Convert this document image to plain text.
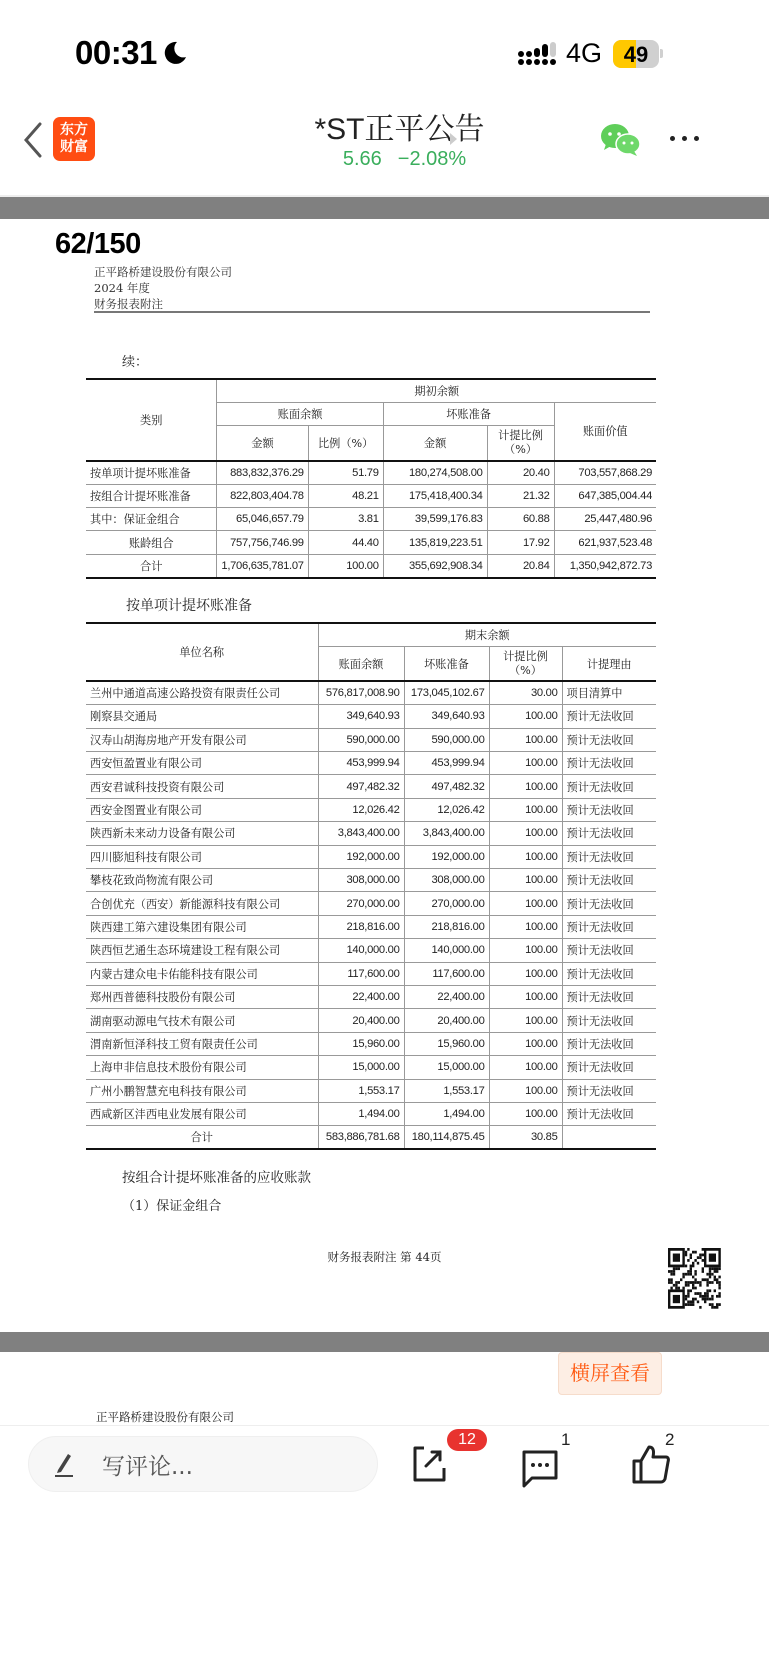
00:31	4G 49
东方
财富	*ST正平公告
5.66 −2.08%
62/150
正平路桥建设股份有限公司
2024 年度
财务报表附注
续：
类别	期初余额				
	账面余额		坏账准备		账面价值
	金额	比例（%）	金额	计提比例
（%）	

按单项计提坏账准备	883,832,376.29	51.79	180,274,508.00	20.40	703,557,868.29
按组合计提坏账准备	822,803,404.78	48.21	175,418,400.34	21.32	647,385,004.44
其中：保证金组合	65,046,657.79	3.81	39,599,176.83	60.88	25,447,480.96
账龄组合	757,756,746.99	44.40	135,819,223.51	17.92	621,937,523.48
合计	1,706,635,781.07	100.00	355,692,908.34	20.84	1,350,942,872.73
按单项计提坏账准备
单位名称	期末余额			
	账面余额	坏账准备	计提比例
（%）	计提理由
兰州中通道高速公路投资有限责任公司	576,817,008.90	173,045,102.67	30.00	项目清算中
刚察县交通局	349,640.93	349,640.93	100.00	预计无法收回
汉寿山胡海房地产开发有限公司	590,000.00	590,000.00	100.00	预计无法收回
西安恒盈置业有限公司	453,999.94	453,999.94	100.00	预计无法收回
西安君诚科技投资有限公司	497,482.32	497,482.32	100.00	预计无法收回
西安金图置业有限公司	12,026.42	12,026.42	100.00	预计无法收回
陕西新未来动力设备有限公司	3,843,400.00	3,843,400.00	100.00	预计无法收回
四川膨旭科技有限公司	192,000.00	192,000.00	100.00	预计无法收回
攀枝花致尚物流有限公司	308,000.00	308,000.00	100.00	预计无法收回
合创优充（西安）新能源科技有限公司	270,000.00	270,000.00	100.00	预计无法收回
陕西建工第六建设集团有限公司	218,816.00	218,816.00	100.00	预计无法收回
陕西恒艺通生态环境建设工程有限公司	140,000.00	140,000.00	100.00	预计无法收回
内蒙古建众电卡佑能科技有限公司	117,600.00	117,600.00	100.00	预计无法收回
郑州西普德科技股份有限公司	22,400.00	22,400.00	100.00	预计无法收回
湖南驱动源电气技术有限公司	20,400.00	20,400.00	100.00	预计无法收回
渭南新恒泽科技工贸有限责任公司	15,960.00	15,960.00	100.00	预计无法收回
上海申非信息技术股份有限公司	15,000.00	15,000.00	100.00	预计无法收回
广州小鹏智慧充电科技有限公司	1,553.17	1,553.17	100.00	预计无法收回
西咸新区沣西电业发展有限公司	1,494.00	1,494.00	100.00	预计无法收回
合计	583,886,781.68	180,114,875.45	30.85	
按组合计提坏账准备的应收账款
（1）保证金组合
财务报表附注 第 44页
横屏查看
正平路桥建设股份有限公司
写评论...
12	1	2
